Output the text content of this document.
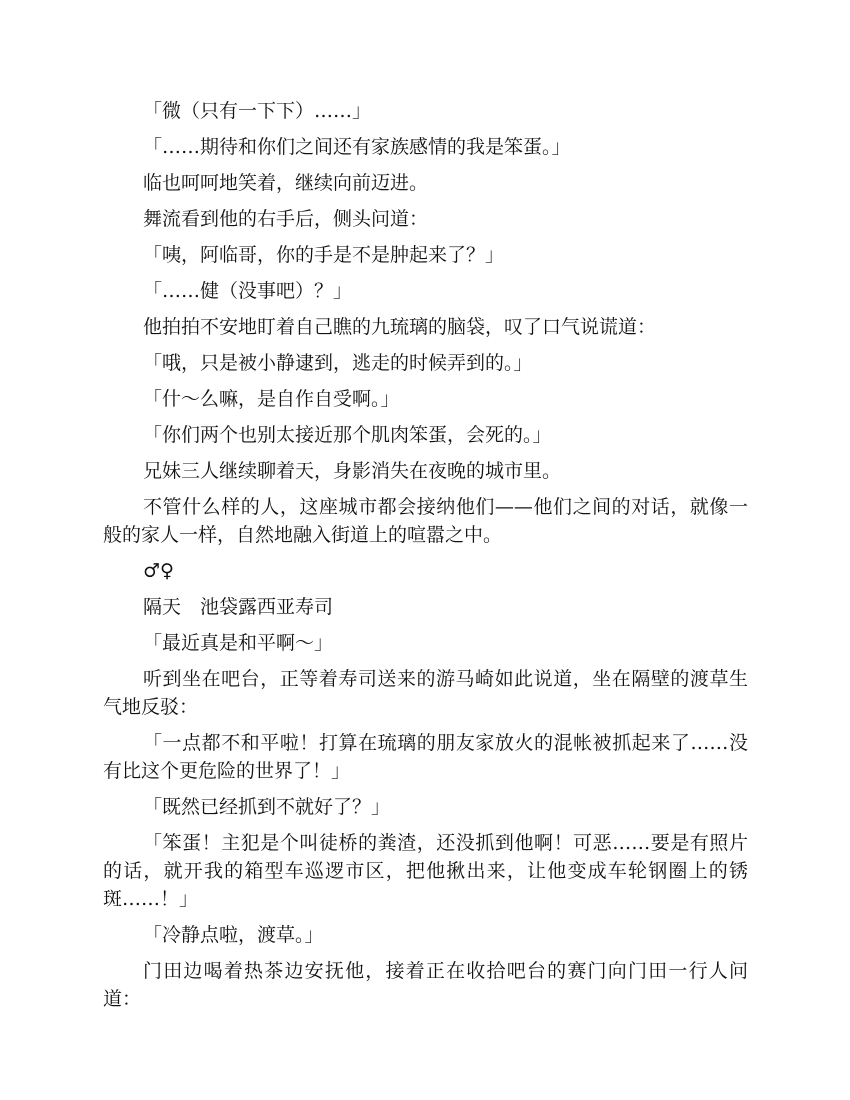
「微（只有一下下）……」

「……期待和你们之间还有家族感情的我是笨蛋。」

临也呵呵地笑着，继续向前迈进。

舞流看到他的右手后，侧头问道：

「咦，阿临哥，你的手是不是肿起来了？」

「……健（没事吧）？」

他拍拍不安地盯着自己瞧的九琉璃的脑袋，叹了口气说谎道：

「哦，只是被小静逮到，逃走的时候弄到的。」

「什～么嘛，是自作自受啊。」

「你们两个也别太接近那个肌肉笨蛋，会死的。」

兄妹三人继续聊着天，身影消失在夜晚的城市里。

不管什么样的人，这座城市都会接纳他们——他们之间的对话，就像一般的家人一样，自然地融入街道上的喧嚣之中。

♂♀

隔天　池袋露西亚寿司

「最近真是和平啊～」

听到坐在吧台，正等着寿司送来的游马崎如此说道，坐在隔壁的渡草生气地反驳：

「一点都不和平啦！打算在琉璃的朋友家放火的混帐被抓起来了……没有比这个更危险的世界了！」

「既然已经抓到不就好了？」

「笨蛋！主犯是个叫徒桥的粪渣，还没抓到他啊！可恶……要是有照片的话，就开我的箱型车巡逻市区，把他揪出来，让他变成车轮钢圈上的锈斑……！」

「冷静点啦，渡草。」

门田边喝着热茶边安抚他，接着正在收拾吧台的赛门向门田一行人问道：
